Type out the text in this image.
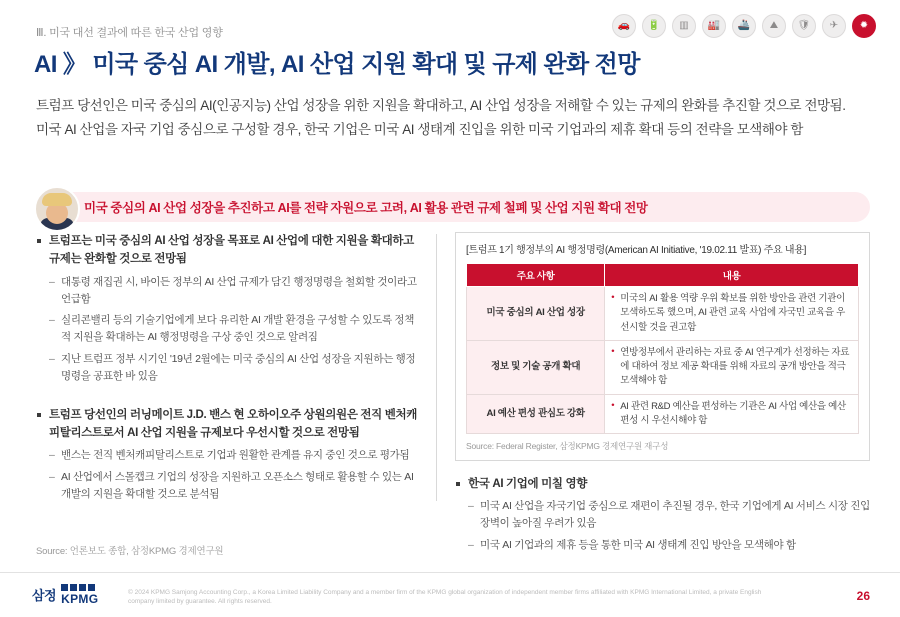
🚗	🔋	▥	🏭	🚢	⛰	🛡	✈	✹
Ⅲ. 미국 대선 결과에 따른 한국 산업 영향
AI 》 미국 중심 AI 개발, AI 산업 지원 확대 및 규제 완화 전망
트럼프 당선인은 미국 중심의 AI(인공지능) 산업 성장을 위한 지원을 확대하고, AI 산업 성장을 저해할 수 있는 규제의 완화를 추진할 것으로 전망됨. 미국 AI 산업을 자국 기업 중심으로 구성할 경우, 한국 기업은 미국 AI 생태계 진입을 위한 미국 기업과의 제휴 확대 등의 전략을 모색해야 함
미국 중심의 AI 산업 성장을 추진하고 AI를 전략 자원으로 고려, AI 활용 관련 규제 철폐 및 산업 지원 확대 전망
트럼프는 미국 중심의 AI 산업 성장을 목표로 AI 산업에 대한 지원을 확대하고 규제는 완화할 것으로 전망됨
– 대통령 재집권 시, 바이든 정부의 AI 산업 규제가 담긴 행정명령을 철회할 것이라고 언급함
– 실리콘밸리 등의 기술기업에게 보다 유리한 AI 개발 환경을 구성할 수 있도록 정책적 지원을 확대하는 AI 행정명령을 구상 중인 것으로 알려짐
– 지난 트럼프 정부 시기인 '19년 2월에는 미국 중심의 AI 산업 성장을 지원하는 행정명령을 공표한 바 있음
트럼프 당선인의 러닝메이트 J.D. 밴스 현 오하이오주 상원의원은 전직 벤처캐피탈리스트로서 AI 산업 지원을 규제보다 우선시할 것으로 전망됨
– 밴스는 전직 벤처캐피탈리스트로 기업과 원활한 관계를 유지 중인 것으로 평가됨
– AI 산업에서 스몰캡크 기업의 성장을 지원하고 오픈소스 형태로 활용할 수 있는 AI 개발의 지원을 확대할 것으로 분석됨
[트럼프 1기 행정부의 AI 행정명령(American AI Initiative, '19.02.11 발표) 주요 내용]
주요 사항	내용
미국 중심의 AI 산업 성장	
• 미국의 AI 활용 역량 우위 확보를 위한 방안을 관련 기관이 모색하도록 했으며, AI 관련 교육 사업에 자국민 교육을 우선시할 것을 권고함

정보 및 기술 공개 확대	
• 연방정부에서 관리하는 자료 중 AI 연구계가 선정하는 자료에 대하여 정보 제공 확대를 위해 자료의 공개 방안을 적극 모색해야 함

AI 예산 편성 관심도 강화	
• AI 관련 R&D 예산을 편성하는 기관은 AI 사업 예산을 예산 편성 시 우선시해야 함
Source: Federal Register, 삼정KPMG 경제연구원 재구성
한국 AI 기업에 미칠 영향
– 미국 AI 산업을 자국기업 중심으로 재편이 추진될 경우, 한국 기업에게 AI 서비스 시장 진입 장벽이 높아질 우려가 있음
– 미국 AI 기업과의 제휴 등을 통한 미국 AI 생태계 진입 방안을 모색해야 함
Source: 언론보도 종합, 삼정KPMG 경제연구원
삼정 KPMG	© 2024 KPMG Samjong Accounting Corp., a Korea Limited Liability Company and a member firm of the KPMG global organization of independent member firms affiliated with KPMG International Limited, a private English company limited by guarantee. All rights reserved.	26
